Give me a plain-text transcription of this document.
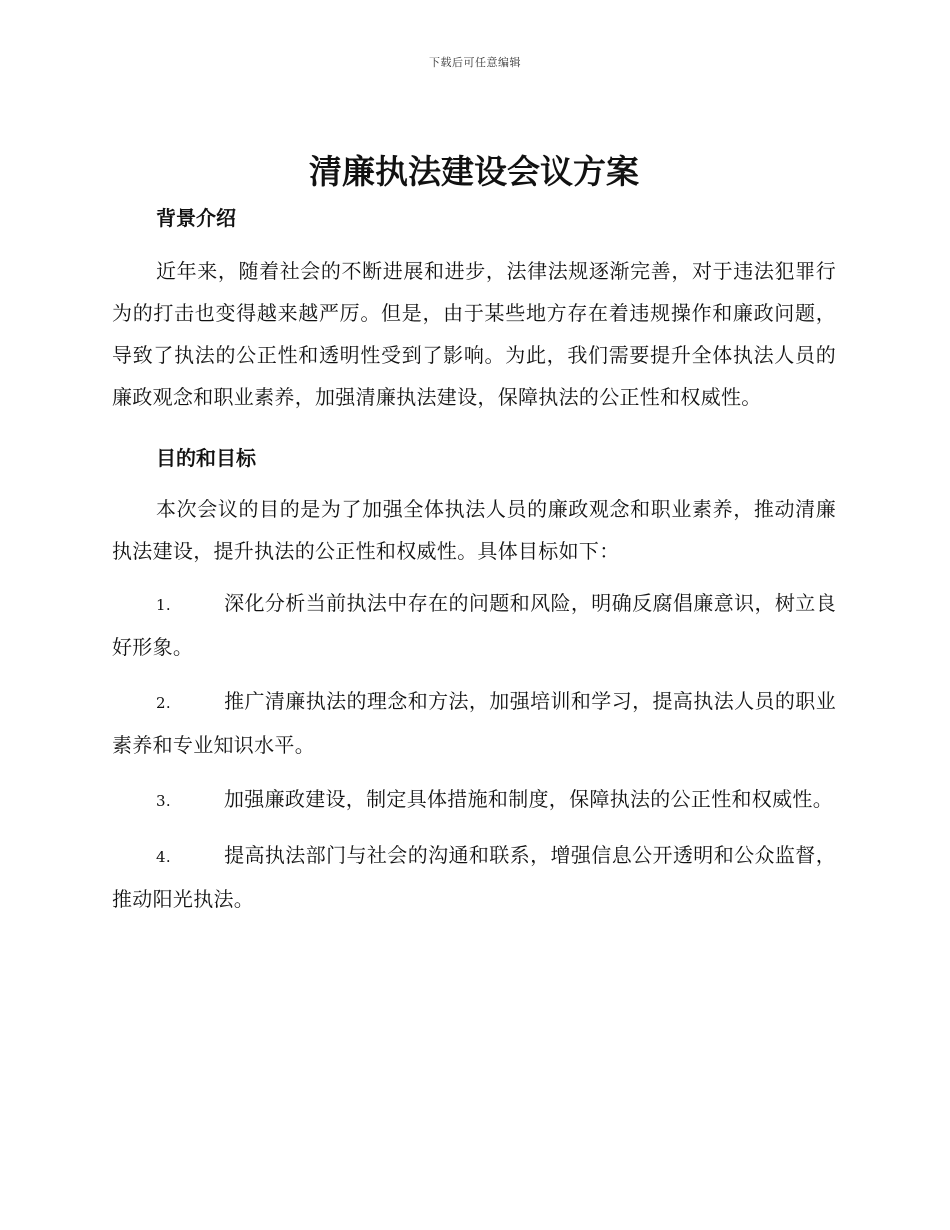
下载后可任意编辑
清廉执法建设会议方案
背景介绍

近年来，随着社会的不断进展和进步，法律法规逐渐完善，对于违法犯罪行为的打击也变得越来越严厉。但是，由于某些地方存在着违规操作和廉政问题，导致了执法的公正性和透明性受到了影响。为此，我们需要提升全体执法人员的廉政观念和职业素养，加强清廉执法建设，保障执法的公正性和权威性。

目的和目标

本次会议的目的是为了加强全体执法人员的廉政观念和职业素养，推动清廉执法建设，提升执法的公正性和权威性。具体目标如下：

1.	深化分析当前执法中存在的问题和风险，明确反腐倡廉意识，树立良好形象。
2.	推广清廉执法的理念和方法，加强培训和学习，提高执法人员的职业素养和专业知识水平。
3.	加强廉政建设，制定具体措施和制度，保障执法的公正性和权威性。
4.	提高执法部门与社会的沟通和联系，增强信息公开透明和公众监督，推动阳光执法。
